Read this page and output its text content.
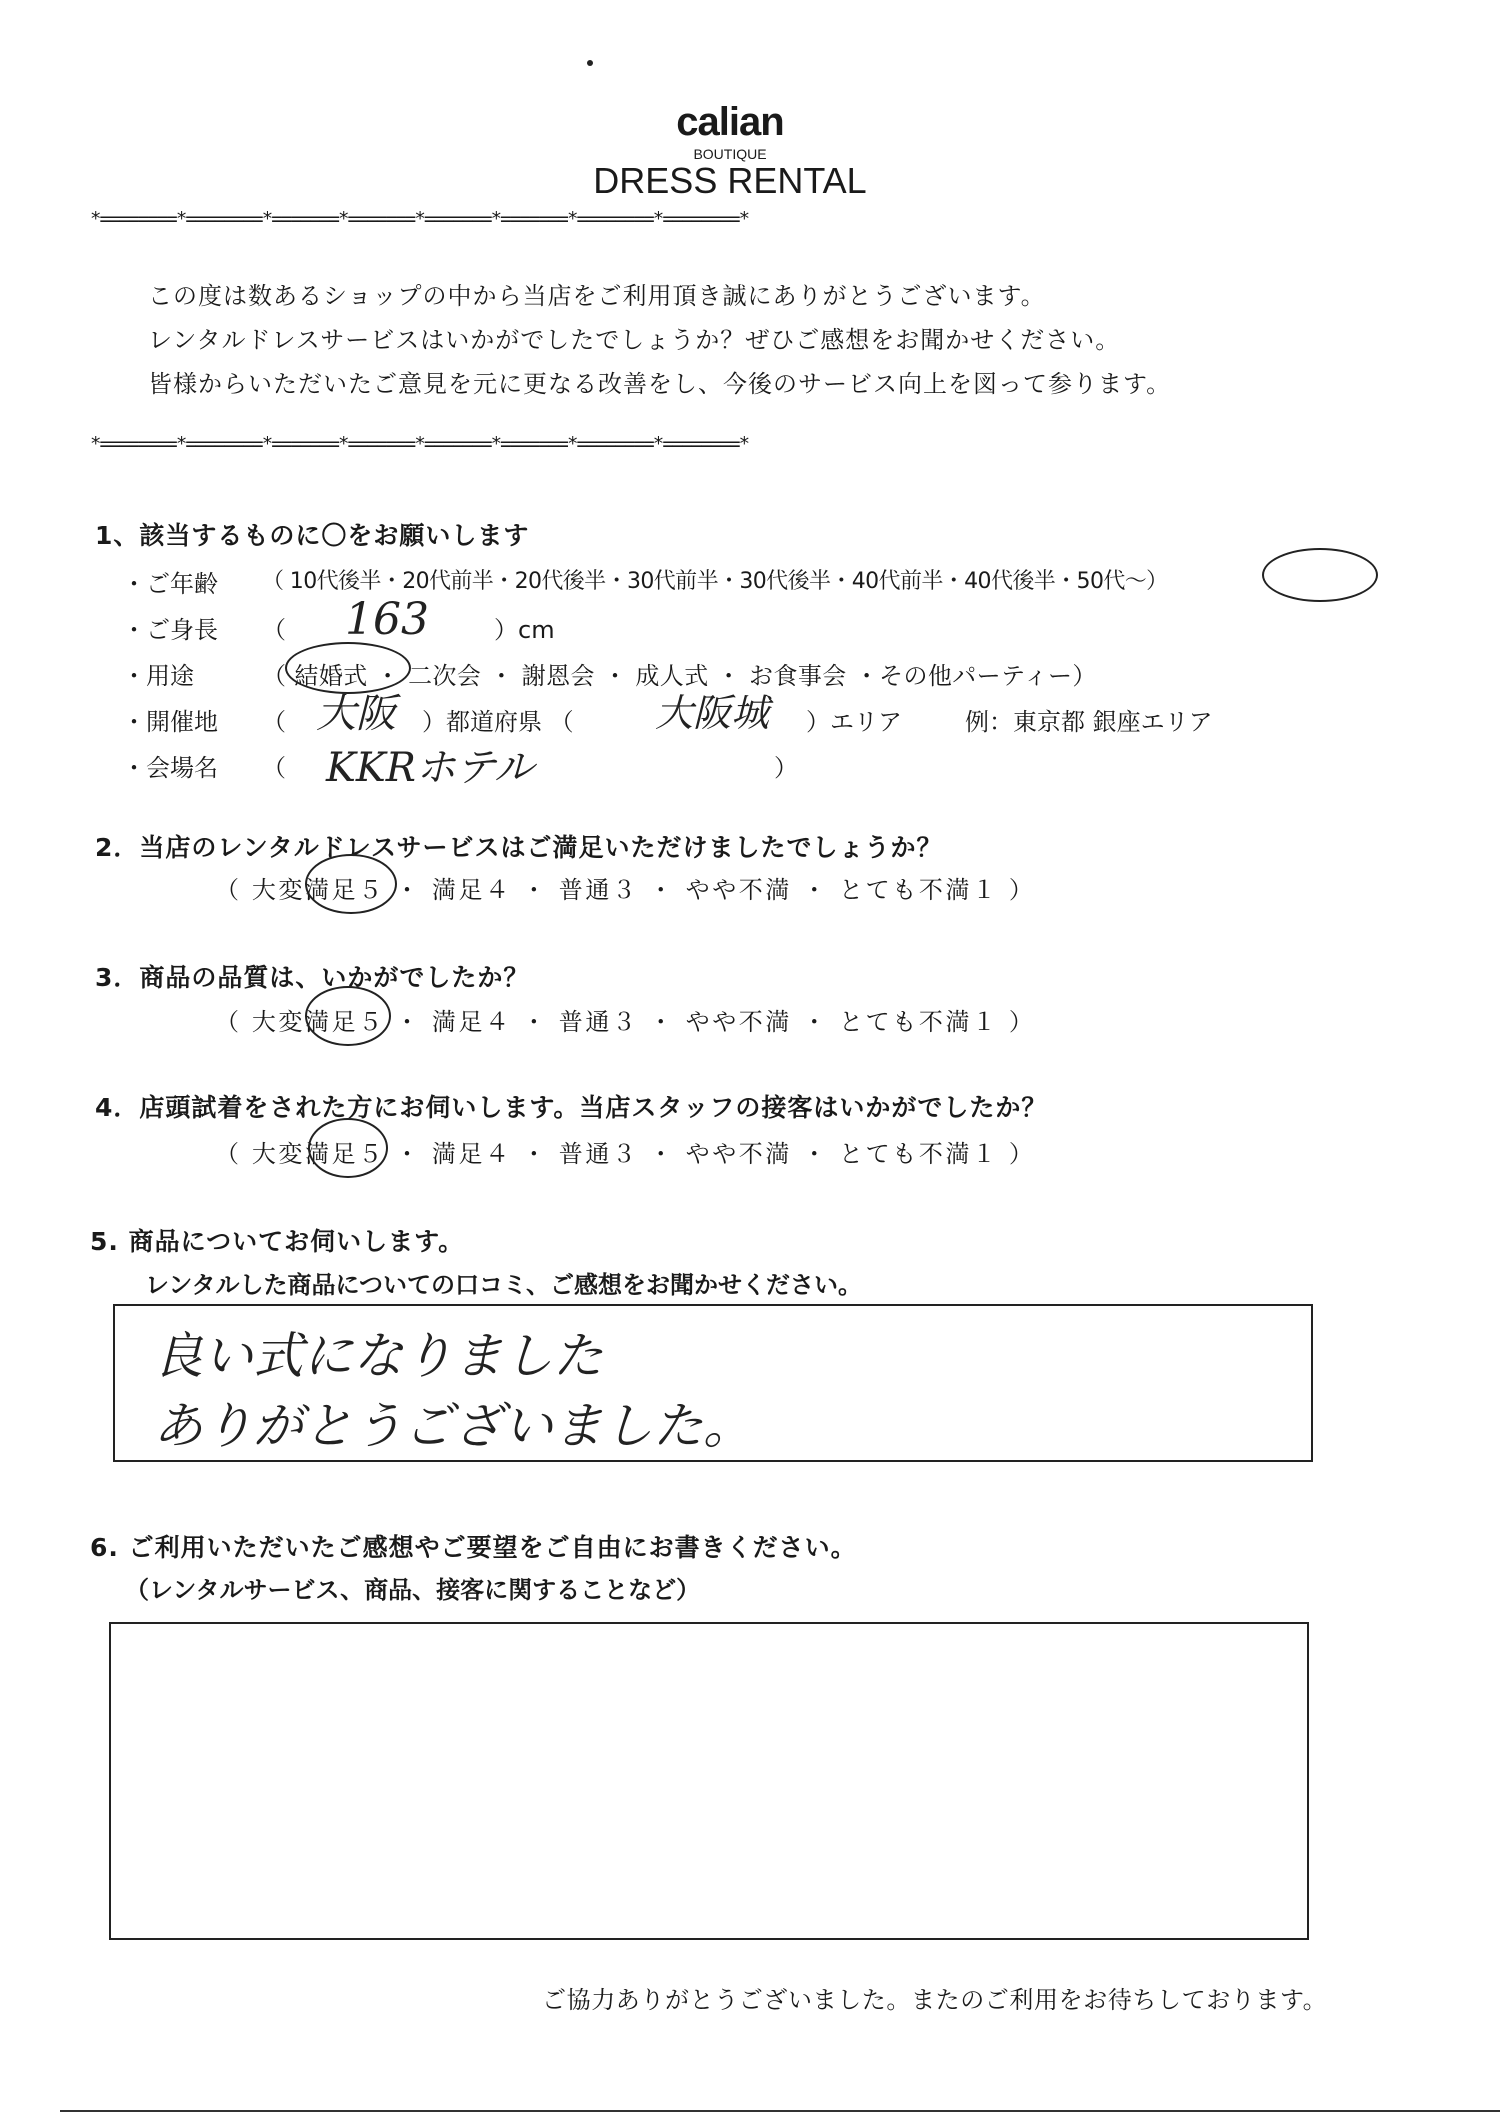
calian
BOUTIQUE
DRESS RENTAL
*========*========*=======*=======*=======*=======*========*========*
この度は数あるショップの中から当店をご利用頂き誠にありがとうございます。
レンタルドレスサービスはいかがでしたでしょうか？ぜひご感想をお聞かせください。
皆様からいただいたご意見を元に更なる改善をし、今後のサービス向上を図って参ります。
*========*========*=======*=======*=======*=======*========*========*
1、該当するものに〇をお願いします
・ご年齢 （ 10代後半・20代前半・20代後半・30代前半・30代後半・40代前半・40代後半・50代～）
・ご身長 （ 163	）cm
・用途	（ 結婚式 ・ 二次会 ・ 謝恩会 ・ 成人式 ・ お食事会 ・その他パーティー）
・開催地 （ 大阪 ）都道府県 （ 大阪城 ）エリア	例：東京都 銀座エリア
・会場名 （ KKRホテル	）
2．当店のレンタルドレスサービスはご満足いただけましたでしょうか？
（ 大変満足５ ・ 満足４ ・ 普通３ ・ やや不満 ・ とても不満１ ）
3．商品の品質は、いかがでしたか？
（ 大変満足５ ・ 満足４ ・ 普通３ ・ やや不満 ・ とても不満１ ）
4．店頭試着をされた方にお伺いします。当店スタッフの接客はいかがでしたか？
（ 大変満足５ ・ 満足４ ・ 普通３ ・ やや不満 ・ とても不満１ ）
5. 商品についてお伺いします。
レンタルした商品についての口コミ、ご感想をお聞かせください。
良い式になりました
ありがとうございました。
6. ご利用いただいたご感想やご要望をご自由にお書きください。
（レンタルサービス、商品、接客に関することなど）
ご協力ありがとうございました。またのご利用をお待ちしております。
